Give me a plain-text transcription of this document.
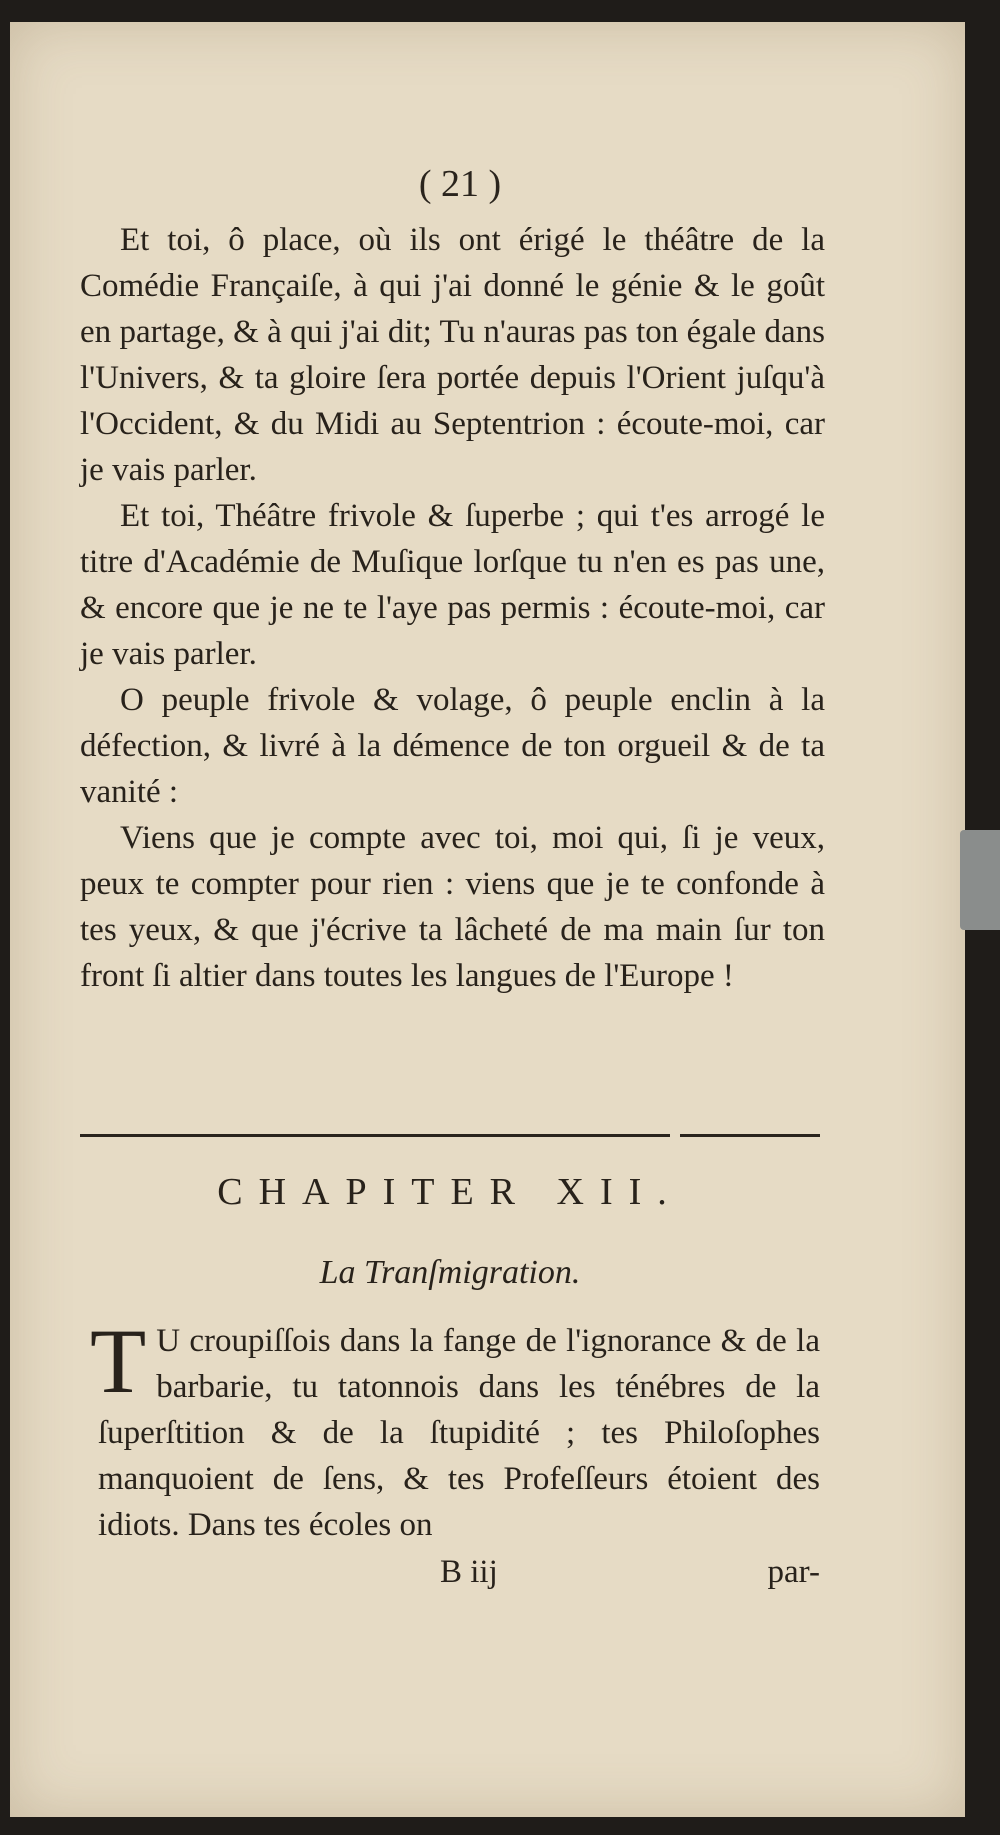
( 21 )

Et toi, ô place, où ils ont érigé le théâtre de la Comédie Françaiſe, à qui j'ai donné le génie & le goût en partage, & à qui j'ai dit; Tu n'auras pas ton égale dans l'Univers, & ta gloire ſera portée depuis l'Orient juſqu'à l'Occident, & du Midi au Septentrion : écoute-moi, car je vais parler.

Et toi, Théâtre frivole & ſuperbe ; qui t'es arrogé le titre d'Académie de Muſique lorſque tu n'en es pas une, & encore que je ne te l'aye pas permis : écoute-moi, car je vais parler.

O peuple frivole & volage, ô peuple enclin à la défection, & livré à la démence de ton orgueil & de ta vanité :

Viens que je compte avec toi, moi qui, ſi je veux, peux te compter pour rien : viens que je te confonde à tes yeux, & que j'écrive ta lâcheté de ma main ſur ton front ſi altier dans toutes les langues de l'Europe !

CHAPITER XII.
La Tranſmigration.
T U croupiſſois dans la fange de l'ignorance & de la barbarie, tu tatonnois dans les ténébres de la ſuperſtition & de la ſtupidité ; tes Philoſophes manquoient de ſens, & tes Profeſſeurs étoient des idiots. Dans tes écoles on
B iij	par-
